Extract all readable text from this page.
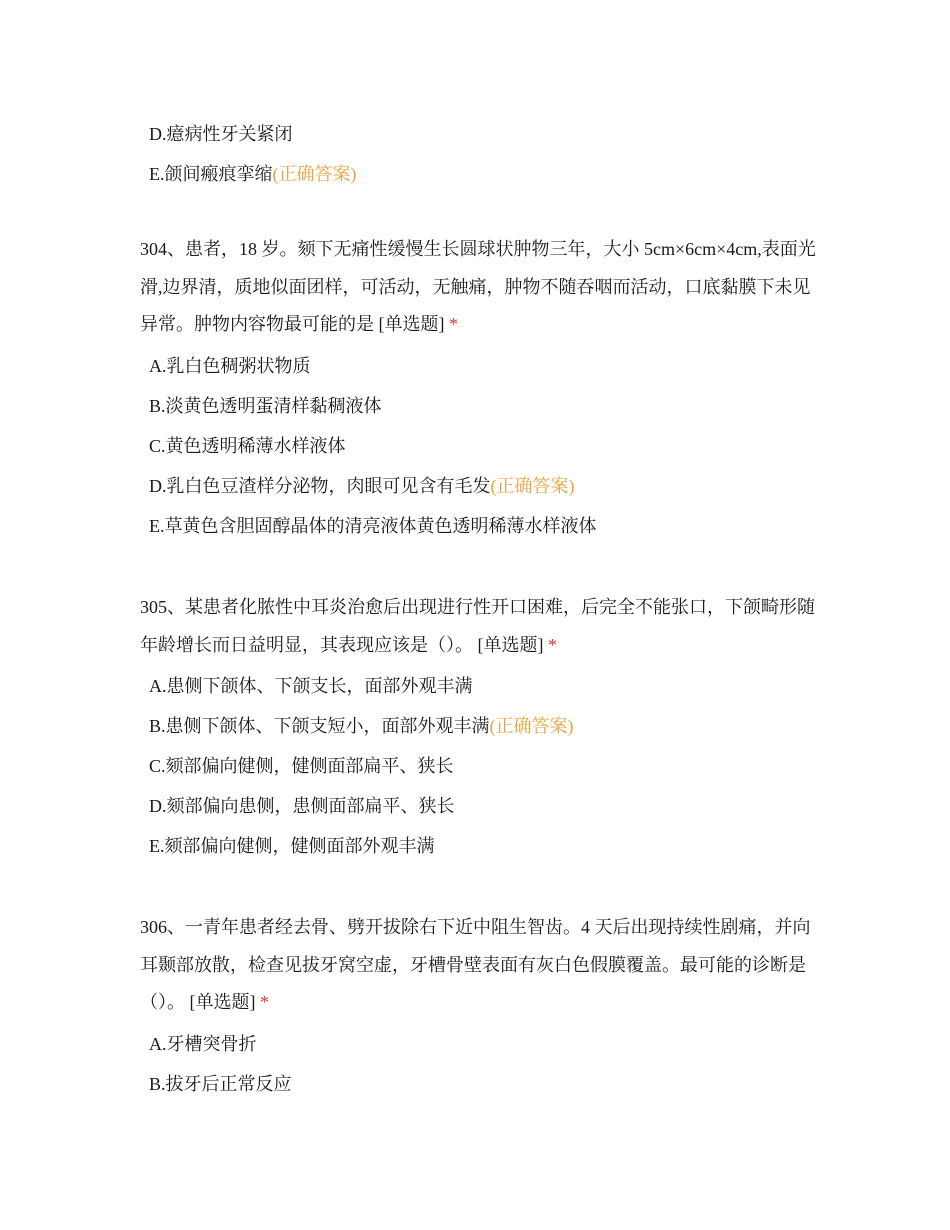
D.癔病性牙关紧闭
E.颌间瘢痕挛缩(正确答案)
304、患者，18 岁。颏下无痛性缓慢生长圆球状肿物三年，大小 5cm×6cm×4cm,表面光滑,边界清，质地似面团样，可活动，无触痛，肿物不随吞咽而活动，口底黏膜下未见异常。肿物内容物最可能的是 [单选题] *
A.乳白色稠粥状物质
B.淡黄色透明蛋清样黏稠液体
C.黄色透明稀薄水样液体
D.乳白色豆渣样分泌物，肉眼可见含有毛发(正确答案)
E.草黄色含胆固醇晶体的清亮液体黄色透明稀薄水样液体
305、某患者化脓性中耳炎治愈后出现进行性开口困难，后完全不能张口，下颌畸形随年龄增长而日益明显，其表现应该是（）。 [单选题] *
A.患侧下颌体、下颌支长，面部外观丰满
B.患侧下颌体、下颌支短小，面部外观丰满(正确答案)
C.颏部偏向健侧，健侧面部扁平、狭长
D.颏部偏向患侧，患侧面部扁平、狭长
E.颏部偏向健侧，健侧面部外观丰满
306、一青年患者经去骨、劈开拔除右下近中阻生智齿。4 天后出现持续性剧痛，并向耳颞部放散，检查见拔牙窝空虚，牙槽骨壁表面有灰白色假膜覆盖。最可能的诊断是（）。 [单选题] *
A.牙槽突骨折
B.拔牙后正常反应
